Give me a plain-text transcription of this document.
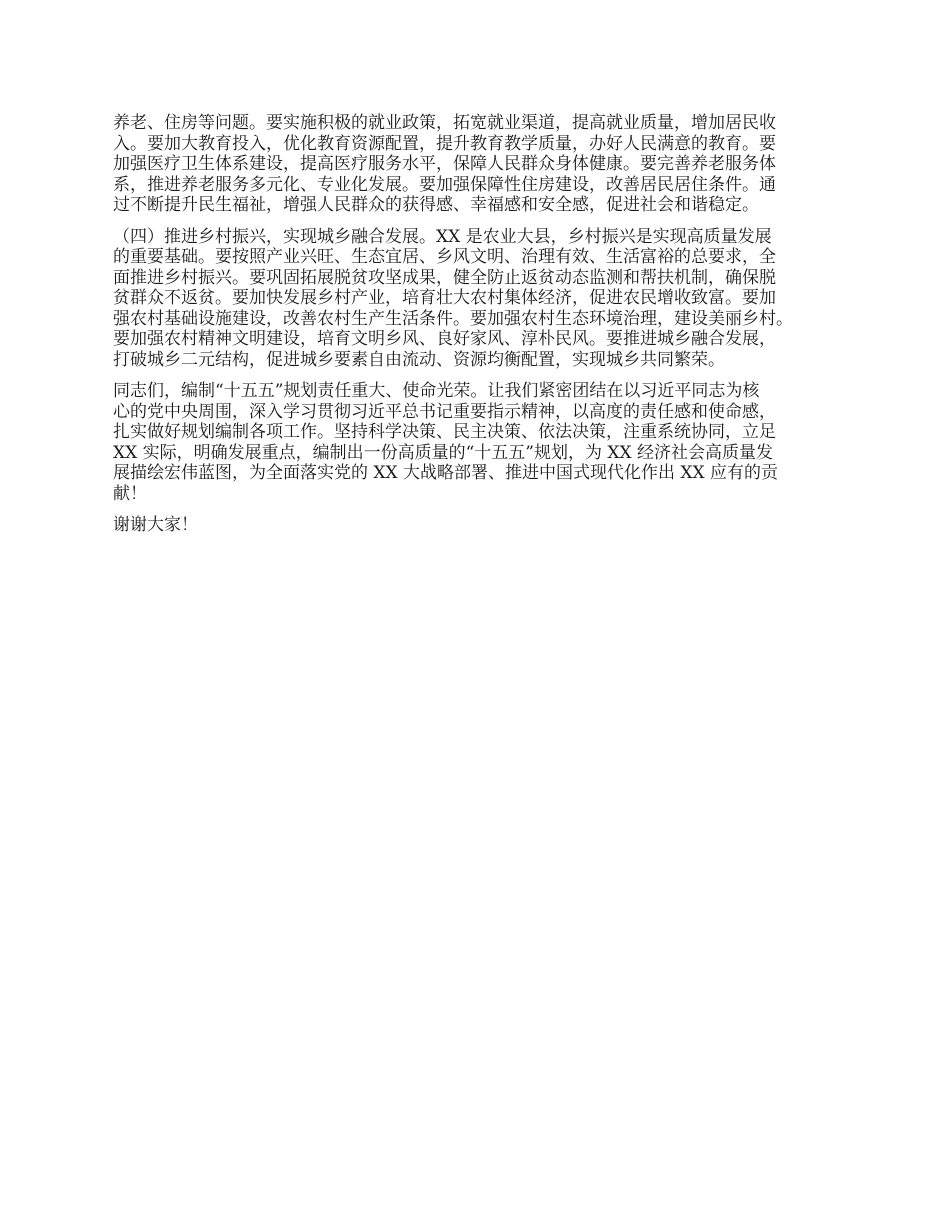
养老、住房等问题。要实施积极的就业政策，拓宽就业渠道，提高就业质量，增加居民收
入。要加大教育投入，优化教育资源配置，提升教育教学质量，办好人民满意的教育。要
加强医疗卫生体系建设，提高医疗服务水平，保障人民群众身体健康。要完善养老服务体
系，推进养老服务多元化、专业化发展。要加强保障性住房建设，改善居民居住条件。通
过不断提升民生福祉，增强人民群众的获得感、幸福感和安全感，促进社会和谐稳定。

（四）推进乡村振兴，实现城乡融合发展。XX 是农业大县，乡村振兴是实现高质量发展
的重要基础。要按照产业兴旺、生态宜居、乡风文明、治理有效、生活富裕的总要求，全
面推进乡村振兴。要巩固拓展脱贫攻坚成果，健全防止返贫动态监测和帮扶机制，确保脱
贫群众不返贫。要加快发展乡村产业，培育壮大农村集体经济，促进农民增收致富。要加
强农村基础设施建设，改善农村生产生活条件。要加强农村生态环境治理，建设美丽乡村。
要加强农村精神文明建设，培育文明乡风、良好家风、淳朴民风。要推进城乡融合发展，
打破城乡二元结构，促进城乡要素自由流动、资源均衡配置，实现城乡共同繁荣。

同志们，编制“十五五”规划责任重大、使命光荣。让我们紧密团结在以习近平同志为核
心的党中央周围，深入学习贯彻习近平总书记重要指示精神，以高度的责任感和使命感，
扎实做好规划编制各项工作。坚持科学决策、民主决策、依法决策，注重系统协同，立足
XX 实际，明确发展重点，编制出一份高质量的“十五五”规划，为 XX 经济社会高质量发
展描绘宏伟蓝图，为全面落实党的 XX 大战略部署、推进中国式现代化作出 XX 应有的贡
献！

谢谢大家！
